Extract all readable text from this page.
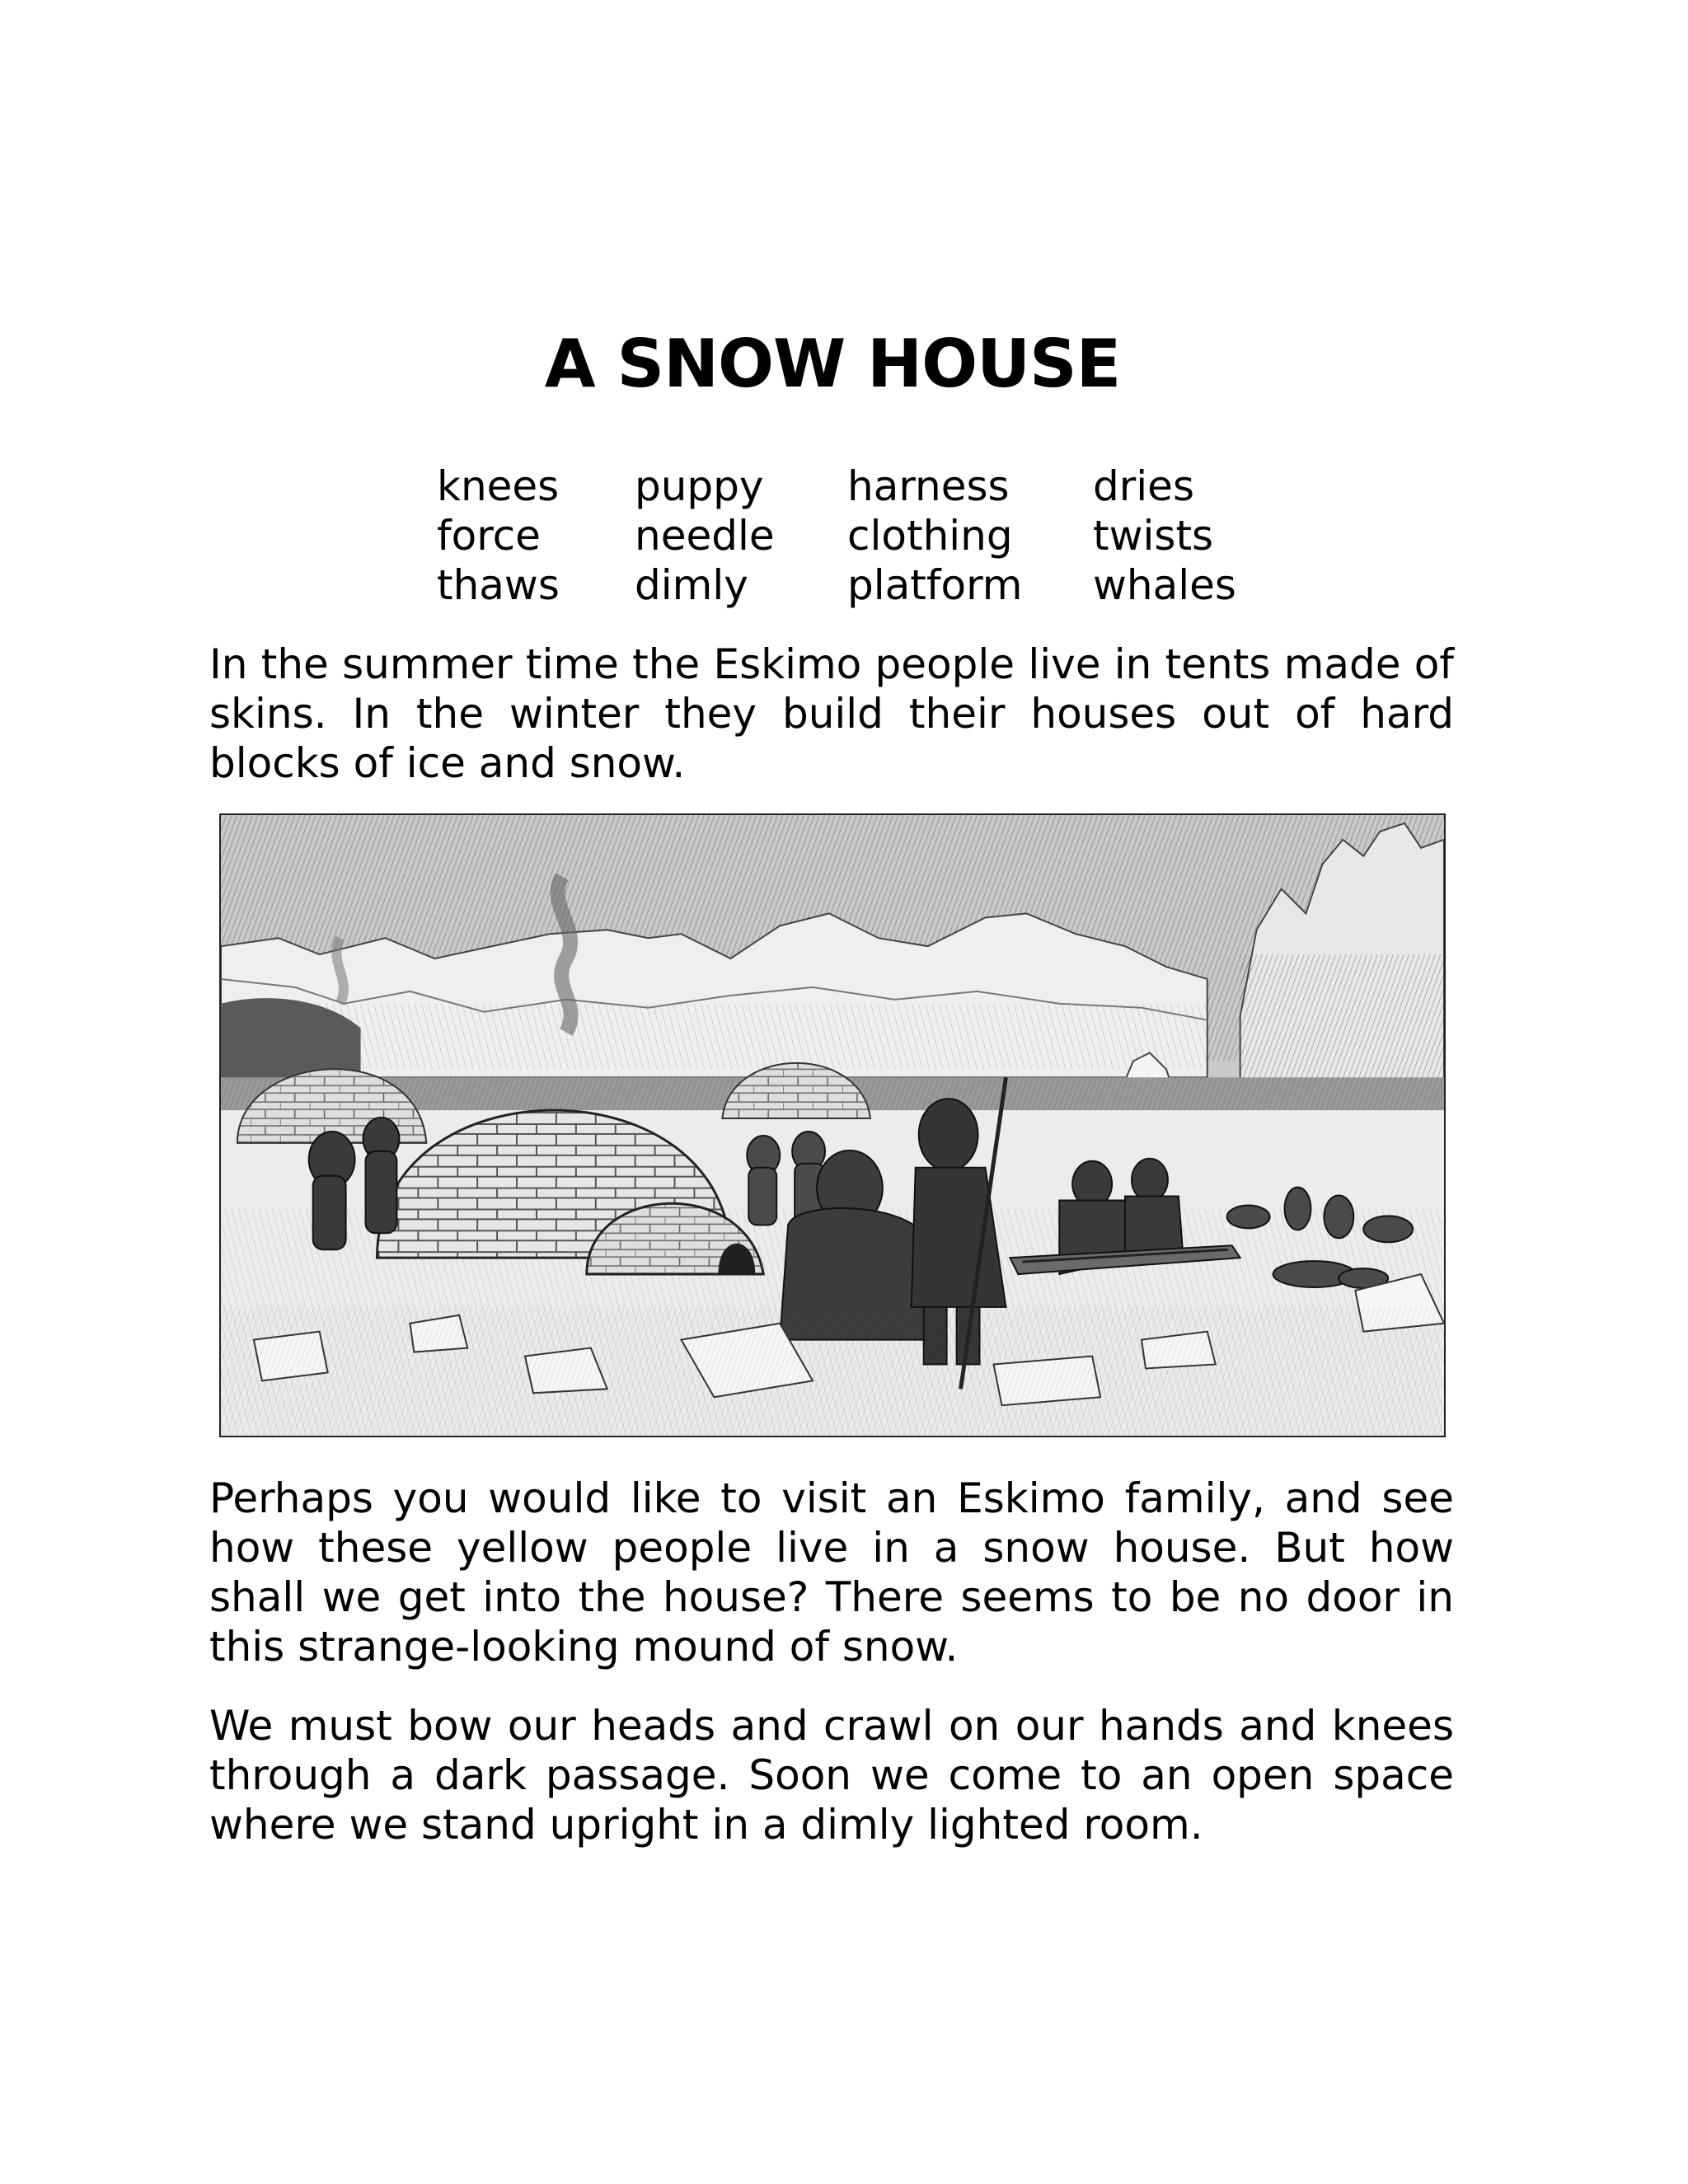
A SNOW HOUSE
knees	puppy	harness	dries
force	needle	clothing	twists
thaws	dimly	platform	whales

In the summer time the Eskimo people live in tents made of skins. In the winter they build their houses out of hard blocks of ice and snow.

Perhaps you would like to visit an Eskimo family, and see how these yellow people live in a snow house. But how shall we get into the house? There seems to be no door in this strange-looking mound of snow.

We must bow our heads and crawl on our hands and knees through a dark passage. Soon we come to an open space where we stand upright in a dimly lighted room.
